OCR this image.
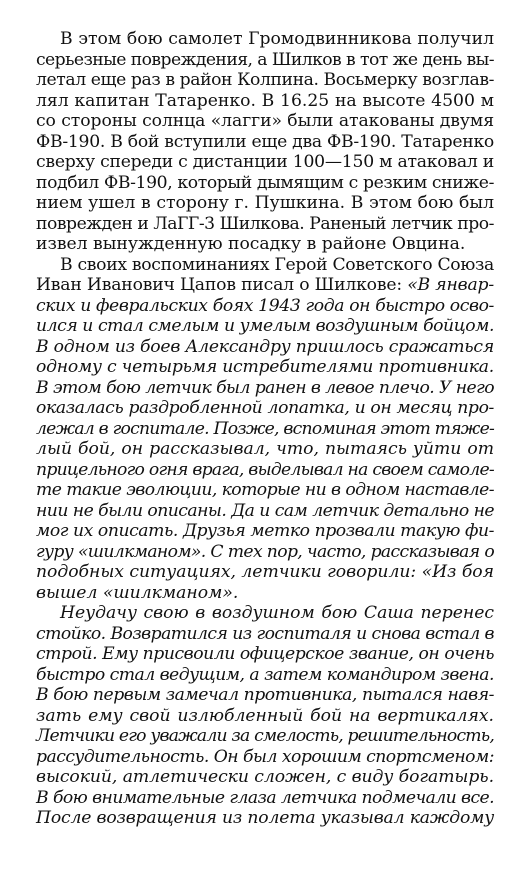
В этом бою самолет Громодвинникова получил
серьезные повреждения, а Шилков в тот же день вы-
летал еще раз в район Колпина. Восьмерку возглав-
лял капитан Татаренко. В 16.25 на высоте 4500 м
со стороны солнца «лагги» были атакованы двумя
ФВ-190. В бой вступили еще два ФВ-190. Татаренко
сверху спереди с дистанции 100—150 м атаковал и
подбил ФВ-190, который дымящим с резким сниже-
нием ушел в сторону г. Пушкина. В этом бою был
поврежден и ЛаГГ-3 Шилкова. Раненый летчик про-
извел вынужденную посадку в районе Овцина.
В своих воспоминаниях Герой Советского Союза
Иван Иванович Цапов писал о Шилкове: «В январ-
ских и февральских боях 1943 года он быстро осво-
ился и стал смелым и умелым воздушным бойцом.
В одном из боев Александру пришлось сражаться
одному с четырьмя истребителями противника.
В этом бою летчик был ранен в левое плечо. У него
оказалась раздробленной лопатка, и он месяц про-
лежал в госпитале. Позже, вспоминая этот тяже-
лый бой, он рассказывал, что, пытаясь уйти от
прицельного огня врага, выделывал на своем самоле-
те такие эволюции, которые ни в одном наставле-
нии не были описаны. Да и сам летчик детально не
мог их описать. Друзья метко прозвали такую фи-
гуру «шилкманом». С тех пор, часто, рассказывая о
подобных ситуациях, летчики говорили: «Из боя
вышел «шилкманом».
Неудачу свою в воздушном бою Саша перенес
стойко. Возвратился из госпиталя и снова встал в
строй. Ему присвоили офицерское звание, он очень
быстро стал ведущим, а затем командиром звена.
В бою первым замечал противника, пытался навя-
зать ему свой излюбленный бой на вертикалях.
Летчики его уважали за смелость, решительность,
рассудительность. Он был хорошим спортсменом:
высокий, атлетически сложен, с виду богатырь.
В бою внимательные глаза летчика подмечали все.
После возвращения из полета указывал каждому
